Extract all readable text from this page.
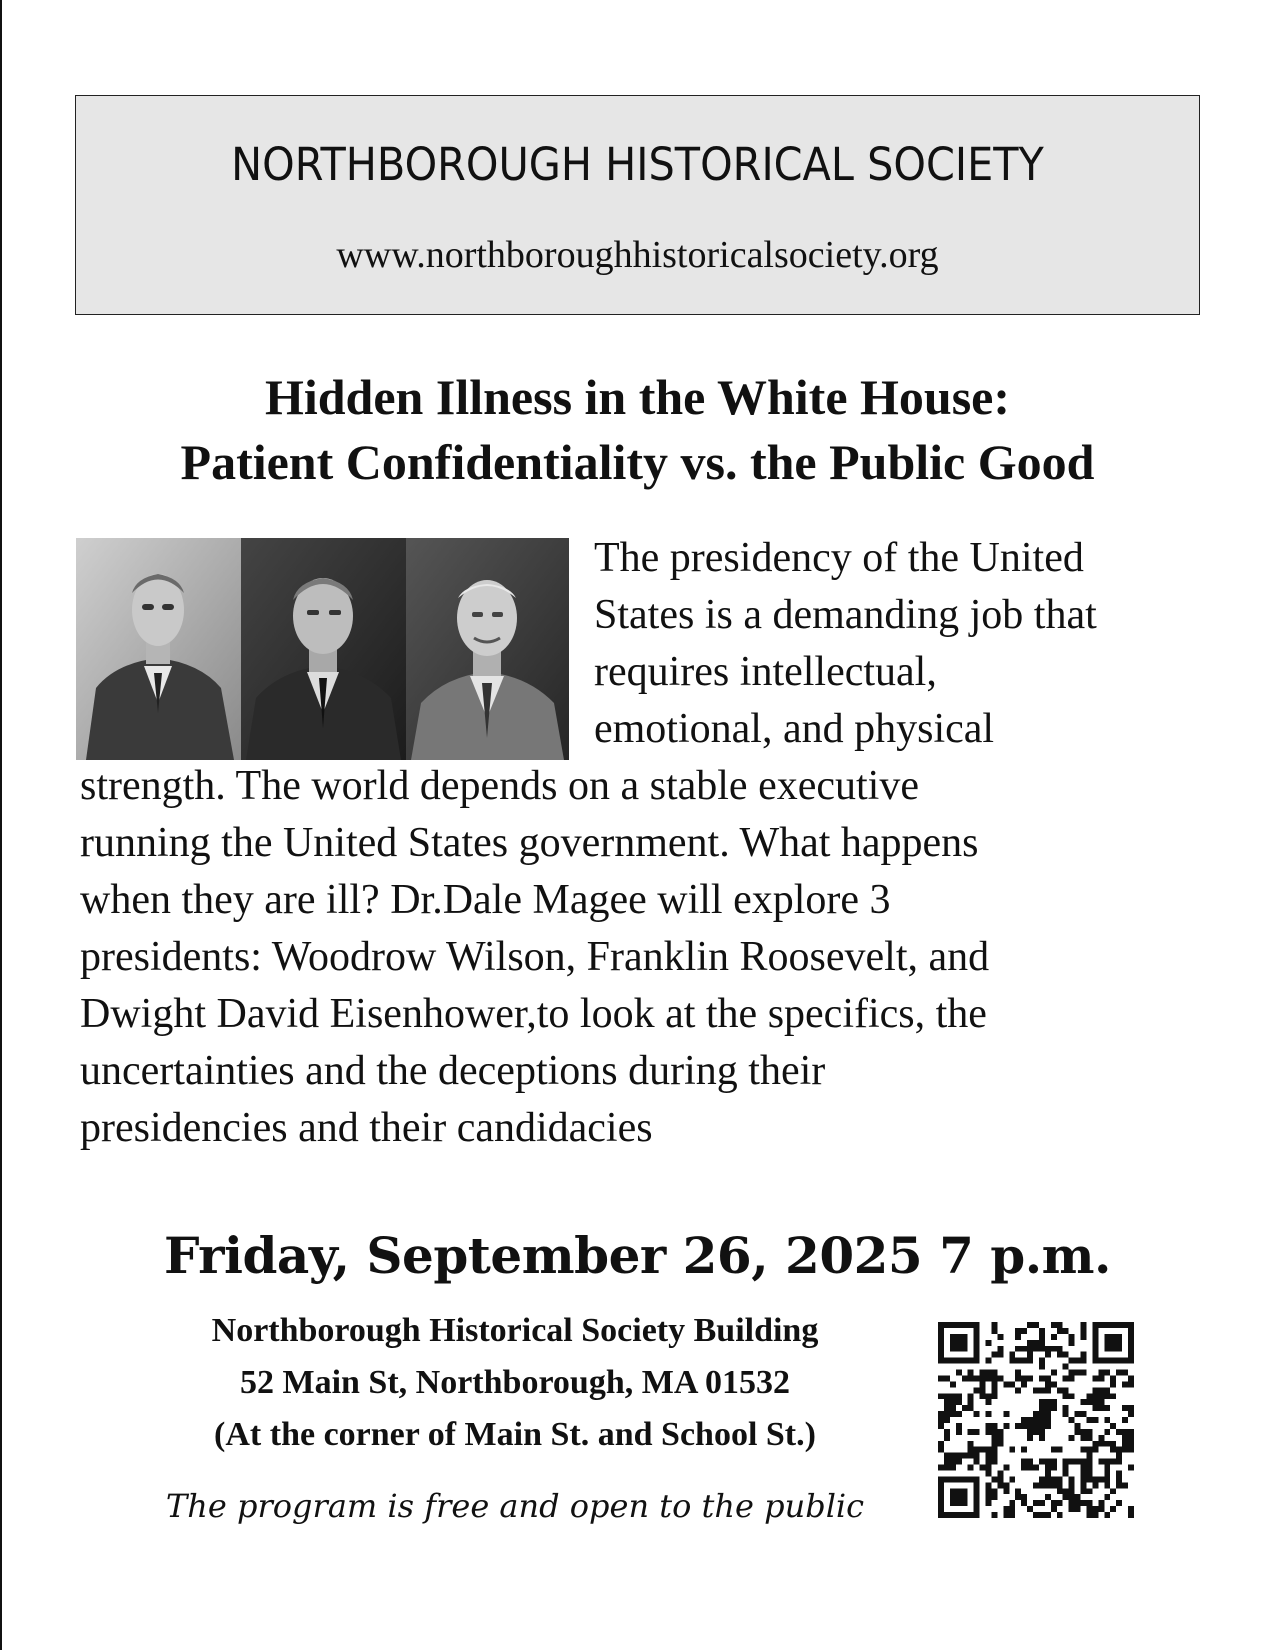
NORTHBOROUGH HISTORICAL SOCIETY
www.northboroughhistoricalsociety.org
Hidden Illness in the White House:
Patient Confidentiality vs. the Public Good
The presidency of the United
States is a demanding job that
requires intellectual,
emotional, and physical
strength. The world depends on a stable executive
running the United States government. What happens
when they are ill? Dr.Dale Magee will explore 3
presidents: Woodrow Wilson, Franklin Roosevelt, and
Dwight David Eisenhower,to look at the specifics, the
uncertainties and the deceptions during their
presidencies and their candidacies
Friday, September 26, 2025 7 p.m.
Northborough Historical Society Building
52 Main St, Northborough, MA 01532
(At the corner of Main St. and School St.)
The program is free and open to the public
